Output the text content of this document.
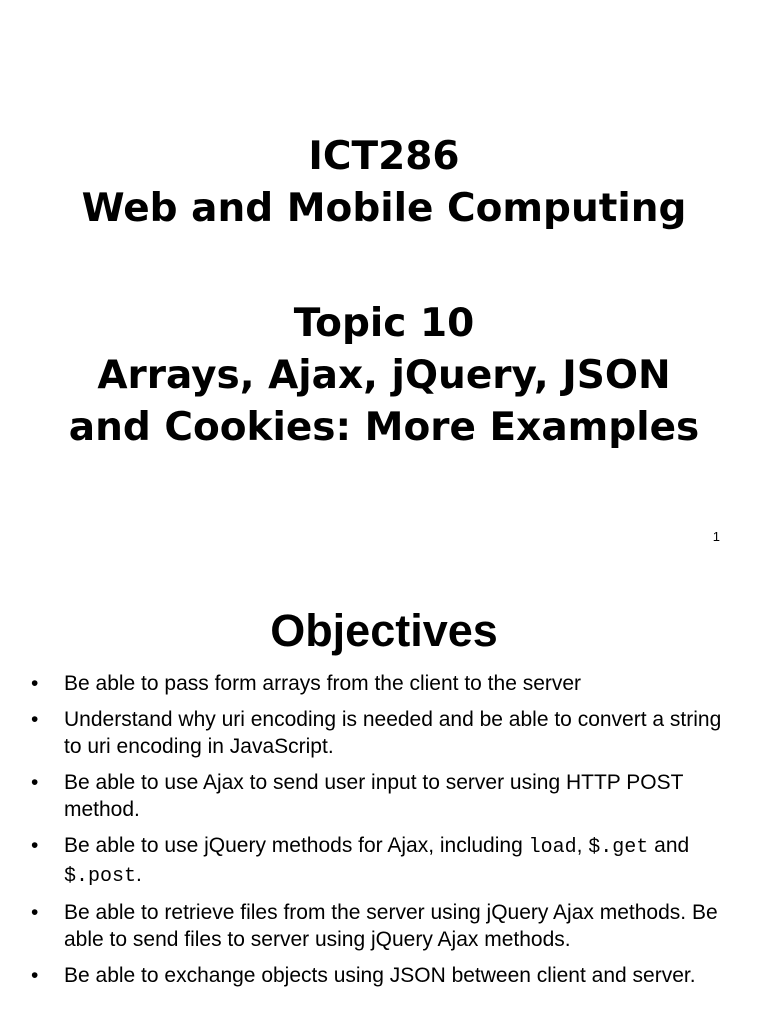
ICT286
Web and Mobile Computing
Topic 10
Arrays, Ajax, jQuery, JSON
and Cookies: More Examples
1
Objectives
• Be able to pass form arrays from the client to the server
• Understand why uri encoding is needed and be able to convert a string to uri encoding in JavaScript.
• Be able to use Ajax to send user input to server using HTTP POST method.
• Be able to use jQuery methods for Ajax, including load, $.get and $.post.
• Be able to retrieve files from the server using jQuery Ajax methods. Be able to send files to server using jQuery Ajax methods.
• Be able to exchange objects using JSON between client and server.
